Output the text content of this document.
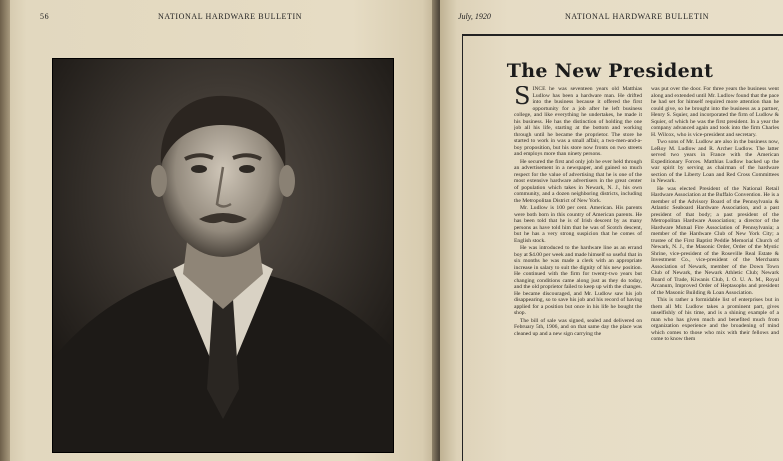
56	NATIONAL HARDWARE BULLETIN	July, 1920	NATIONAL HARDWARE BULLETIN
The New President

SINCE he was seventeen years old Matthias Ludlow has been a hardware man. He drifted into the business because it offered the first opportunity for a job after he left business college, and like everything he undertakes, he made it his business. He has the distinction of holding the one job all his life, starting at the bottom and working through until he became the proprietor. The store he started to work in was a small affair, a two-men-and-a-boy proposition, but his store now fronts on two streets and employs more than ninety persons.

He secured the first and only job he ever held through an advertisement in a newspaper, and gained so much respect for the value of advertising that he is one of the most extensive hardware advertisers in the great center of population which takes in Newark, N. J., his own community, and a dozen neighboring districts, including the Metropolitan District of New York.

Mr. Ludlow is 100 per cent. American. His parents were both born in this country of American parents. He has been told that he is of Irish descent by as many persons as have told him that he was of Scotch descent, but he has a very strong suspicion that he comes of English stock.

He was introduced to the hardware line as an errand boy at $4.00 per week and made himself so useful that in six months he was made a clerk with an appropriate increase in salary to suit the dignity of his new position. He continued with the firm for twenty-two years but changing conditions came along just as they do today, and the old proprietor failed to keep up with the changes. He became discouraged, and Mr. Ludlow saw his job disappearing, so to save his job and his record of having applied for a position but once in his life he bought the shop.

The bill of sale was signed, sealed and delivered on February 5th, 1906, and on that same day the place was cleaned up and a new sign carrying the

was put over the door. For three years the business went along and extended until Mr. Ludlow found that the pace he had set for himself required more attention than he could give, so he brought into the business as a partner, Henry S. Squier, and incorporated the firm of Ludlow & Squier, of which he was the first president. In a year the company advanced again and took into the firm Charles H. Wilcox, who is vice-president and secretary.

Two sons of Mr. Ludlow are also in the business now, LeRoy M. Ludlow and R. Archer Ludlow. The latter served two years in France with the American Expeditionary Forces. Matthias Ludlow backed up the war spirit by serving as chairman of the hardware section of the Liberty Loan and Red Cross Committees in Newark.

He was elected President of the National Retail Hardware Association at the Buffalo Convention. He is a member of the Advisory Board of the Pennsylvania & Atlantic Seaboard Hardware Association, and a past president of that body; a past president of the Metropolitan Hardware Association; a director of the Hardware Mutual Fire Association of Pennsylvania; a member of the Hardware Club of New York City; a trustee of the First Baptist Peddie Memorial Church of Newark, N. J., the Masonic Order, Order of the Mystic Shrine, vice-president of the Roseville Real Estate & Investment Co., vice-president of the Merchants Association of Newark, member of the Down Town Club of Newark, the Newark Athletic Club; Newark Board of Trade, Kiwanis Club, I. O. U. A. M., Royal Arcanum, Improved Order of Heptasophs and president of the Masonic Building & Loan Association.

This is rather a formidable list of enterprises but in them all Mr. Ludlow takes a prominent part, gives unselfishly of his time, and is a shining example of a man who has given much and benefited much from organization experience and the broadening of mind which comes to those who mix with their fellows and come to know them
